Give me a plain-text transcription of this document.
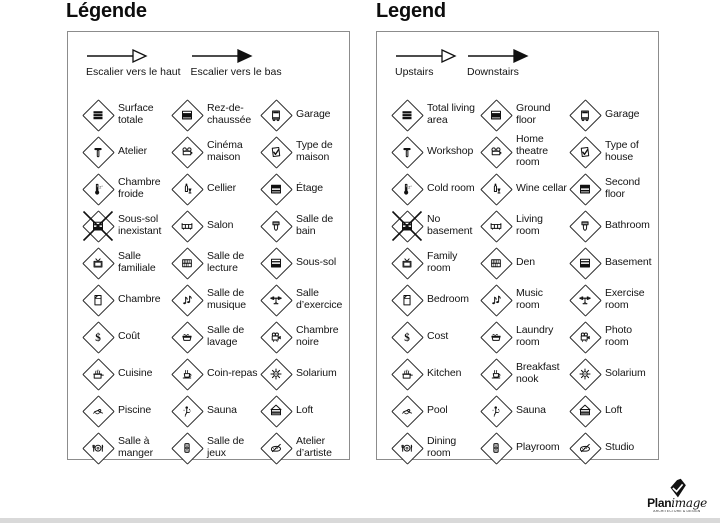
Légende	Legend
Escalier vers le haut Escalier vers le bas
Surface totale
Rez-de-chaussée	Garage
Atelier	Cinéma maison
Type de maison
2° Chambre froide	Cellier	Étage
Sous-sol inexistant	Salon	Salle de bain
Salle familiale
Salle de lecture	Sous-sol
Chambre	Salle de musique
Salle d’exercice
$ Coût	Salle de lavage
Chambre noire
Cuisine	Coin-repas	Solarium
Piscine	Sauna	Loft
Salle à manger
Salle de jeux
Atelier d’artiste
Upstairs	Downstairs
Total living area
Ground floor	Garage
Workshop
Home theatre room
Type of house
2° Cold room	Wine cellar	Second floor
No basement
Living room	Bathroom
Family room	Den	Basement
Bedroom	Music room
Exercise room
$ Cost	Laundry room
Photo room
Kitchen	Breakfast nook	Solarium
Pool	Sauna	Loft
Dining room	Playroom	Studio
Planimage
ARCHITECTURE & DESIGN
